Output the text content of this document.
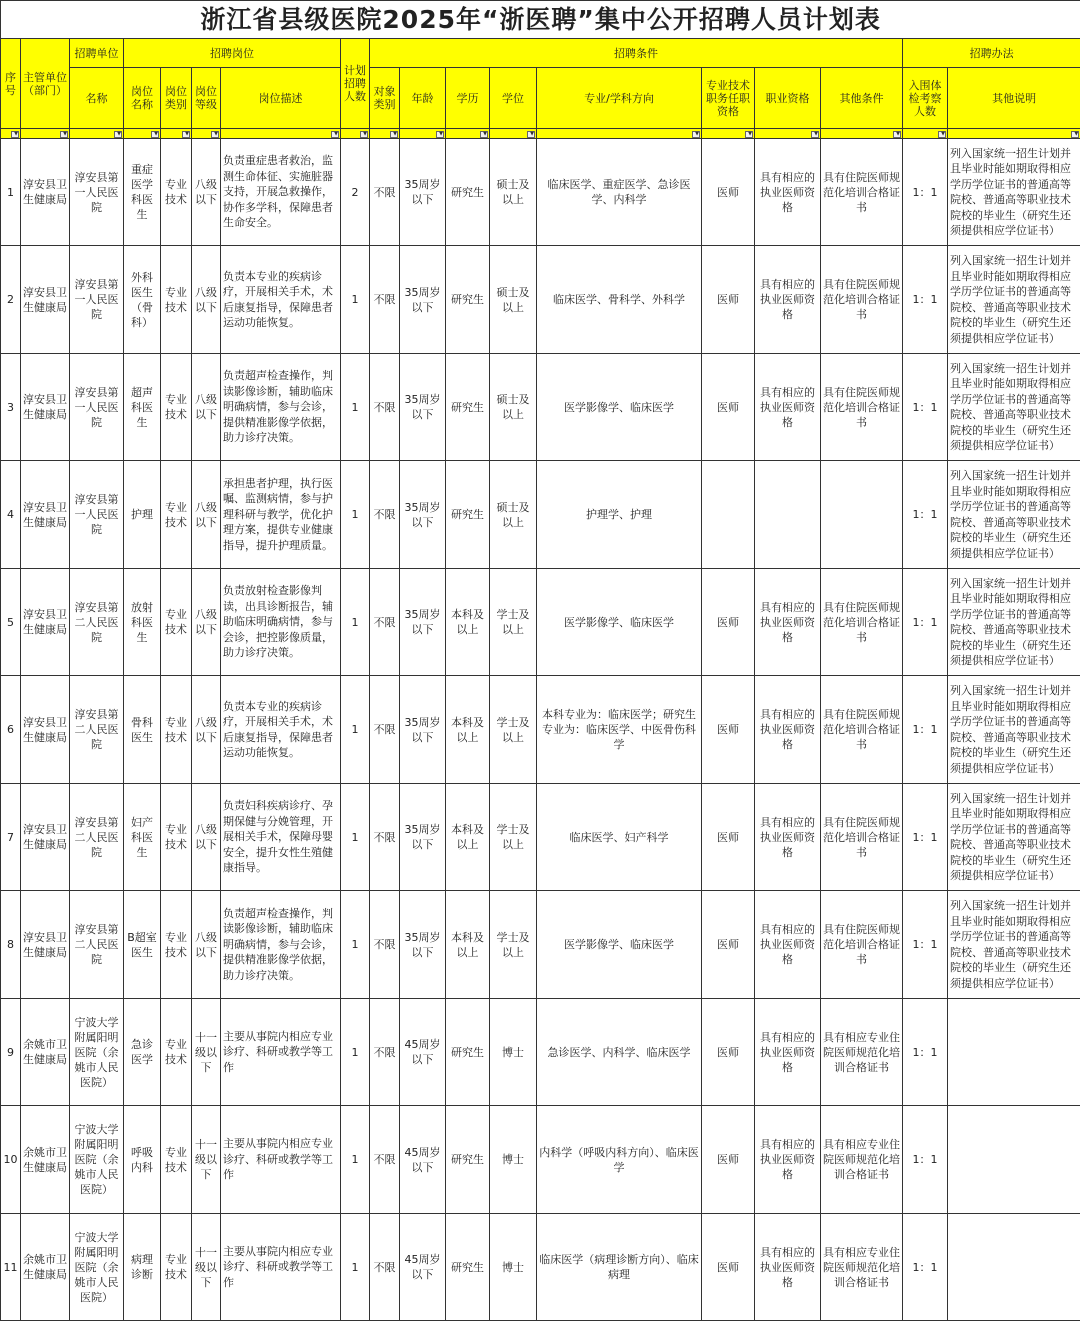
浙江省县级医院2025年“浙医聘”集中公开招聘人员计划表																	
序号	主管单位（部门）	招聘单位	招聘岗位				计划招聘人数	招聘条件								招聘办法	
		名称	岗位名称	岗位类别	岗位等级	岗位描述		对象类别	年龄	学历	学位	专业/学科方向	专业技术职务任职资格	职业资格	其他条件	入围体检考察人数	其他说明
▼	▼	▼	▼	▼	▼	▼	▼	▼	▼	▼	▼	▼	▼	▼	▼	▼	▼
1	淳安县卫生健康局	淳安县第一人民医院	重症医学科医生	专业技术	八级以下	负责重症患者救治，监测生命体征、实施脏器支持，开展急救操作，协作多学科，保障患者生命安全。	2	不限	35周岁以下	研究生	硕士及以上	临床医学、重症医学、急诊医学、内科学	医师	具有相应的执业医师资格	具有住院医师规范化培训合格证书	1：1	列入国家统一招生计划并且毕业时能如期取得相应学历学位证书的普通高等院校、普通高等职业技术院校的毕业生（研究生还须提供相应学位证书）
2	淳安县卫生健康局	淳安县第一人民医院	外科医生（骨科）	专业技术	八级以下	负责本专业的疾病诊疗，开展相关手术，术后康复指导，保障患者运动功能恢复。	1	不限	35周岁以下	研究生	硕士及以上	临床医学、骨科学、外科学	医师	具有相应的执业医师资格	具有住院医师规范化培训合格证书	1：1	列入国家统一招生计划并且毕业时能如期取得相应学历学位证书的普通高等院校、普通高等职业技术院校的毕业生（研究生还须提供相应学位证书）
3	淳安县卫生健康局	淳安县第一人民医院	超声科医生	专业技术	八级以下	负责超声检查操作，判读影像诊断，辅助临床明确病情，参与会诊，提供精准影像学依据，助力诊疗决策。	1	不限	35周岁以下	研究生	硕士及以上	医学影像学、临床医学	医师	具有相应的执业医师资格	具有住院医师规范化培训合格证书	1：1	列入国家统一招生计划并且毕业时能如期取得相应学历学位证书的普通高等院校、普通高等职业技术院校的毕业生（研究生还须提供相应学位证书）
4	淳安县卫生健康局	淳安县第一人民医院	护理	专业技术	八级以下	承担患者护理，执行医嘱、监测病情，参与护理科研与教学，优化护理方案，提供专业健康指导，提升护理质量。	1	不限	35周岁以下	研究生	硕士及以上	护理学、护理				1：1	列入国家统一招生计划并且毕业时能如期取得相应学历学位证书的普通高等院校、普通高等职业技术院校的毕业生（研究生还须提供相应学位证书）
5	淳安县卫生健康局	淳安县第二人民医院	放射科医生	专业技术	八级以下	负责放射检查影像判读，出具诊断报告，辅助临床明确病情，参与会诊，把控影像质量，助力诊疗决策。	1	不限	35周岁以下	本科及以上	学士及以上	医学影像学、临床医学	医师	具有相应的执业医师资格	具有住院医师规范化培训合格证书	1：1	列入国家统一招生计划并且毕业时能如期取得相应学历学位证书的普通高等院校、普通高等职业技术院校的毕业生（研究生还须提供相应学位证书）
6	淳安县卫生健康局	淳安县第二人民医院	骨科医生	专业技术	八级以下	负责本专业的疾病诊疗，开展相关手术，术后康复指导，保障患者运动功能恢复。	1	不限	35周岁以下	本科及以上	学士及以上	本科专业为：临床医学；研究生专业为：临床医学、中医骨伤科学	医师	具有相应的执业医师资格	具有住院医师规范化培训合格证书	1：1	列入国家统一招生计划并且毕业时能如期取得相应学历学位证书的普通高等院校、普通高等职业技术院校的毕业生（研究生还须提供相应学位证书）
7	淳安县卫生健康局	淳安县第二人民医院	妇产科医生	专业技术	八级以下	负责妇科疾病诊疗、孕期保健与分娩管理，开展相关手术，保障母婴安全，提升女性生殖健康指导。	1	不限	35周岁以下	本科及以上	学士及以上	临床医学、妇产科学	医师	具有相应的执业医师资格	具有住院医师规范化培训合格证书	1：1	列入国家统一招生计划并且毕业时能如期取得相应学历学位证书的普通高等院校、普通高等职业技术院校的毕业生（研究生还须提供相应学位证书）
8	淳安县卫生健康局	淳安县第二人民医院	B超室医生	专业技术	八级以下	负责超声检查操作，判读影像诊断，辅助临床明确病情，参与会诊，提供精准影像学依据，助力诊疗决策。	1	不限	35周岁以下	本科及以上	学士及以上	医学影像学、临床医学	医师	具有相应的执业医师资格	具有住院医师规范化培训合格证书	1：1	列入国家统一招生计划并且毕业时能如期取得相应学历学位证书的普通高等院校、普通高等职业技术院校的毕业生（研究生还须提供相应学位证书）
9	余姚市卫生健康局	宁波大学附属阳明医院（余姚市人民医院）	急诊医学	专业技术	十一级以下	主要从事院内相应专业诊疗、科研或教学等工作	1	不限	45周岁以下	研究生	博士	急诊医学、内科学、临床医学	医师	具有相应的执业医师资格	具有相应专业住院医师规范化培训合格证书	1：1	
10	余姚市卫生健康局	宁波大学附属阳明医院（余姚市人民医院）	呼吸内科	专业技术	十一级以下	主要从事院内相应专业诊疗、科研或教学等工作	1	不限	45周岁以下	研究生	博士	内科学（呼吸内科方向）、临床医学	医师	具有相应的执业医师资格	具有相应专业住院医师规范化培训合格证书	1：1	
11	余姚市卫生健康局	宁波大学附属阳明医院（余姚市人民医院）	病理诊断	专业技术	十一级以下	主要从事院内相应专业诊疗、科研或教学等工作	1	不限	45周岁以下	研究生	博士	临床医学（病理诊断方向）、临床病理	医师	具有相应的执业医师资格	具有相应专业住院医师规范化培训合格证书	1：1	
